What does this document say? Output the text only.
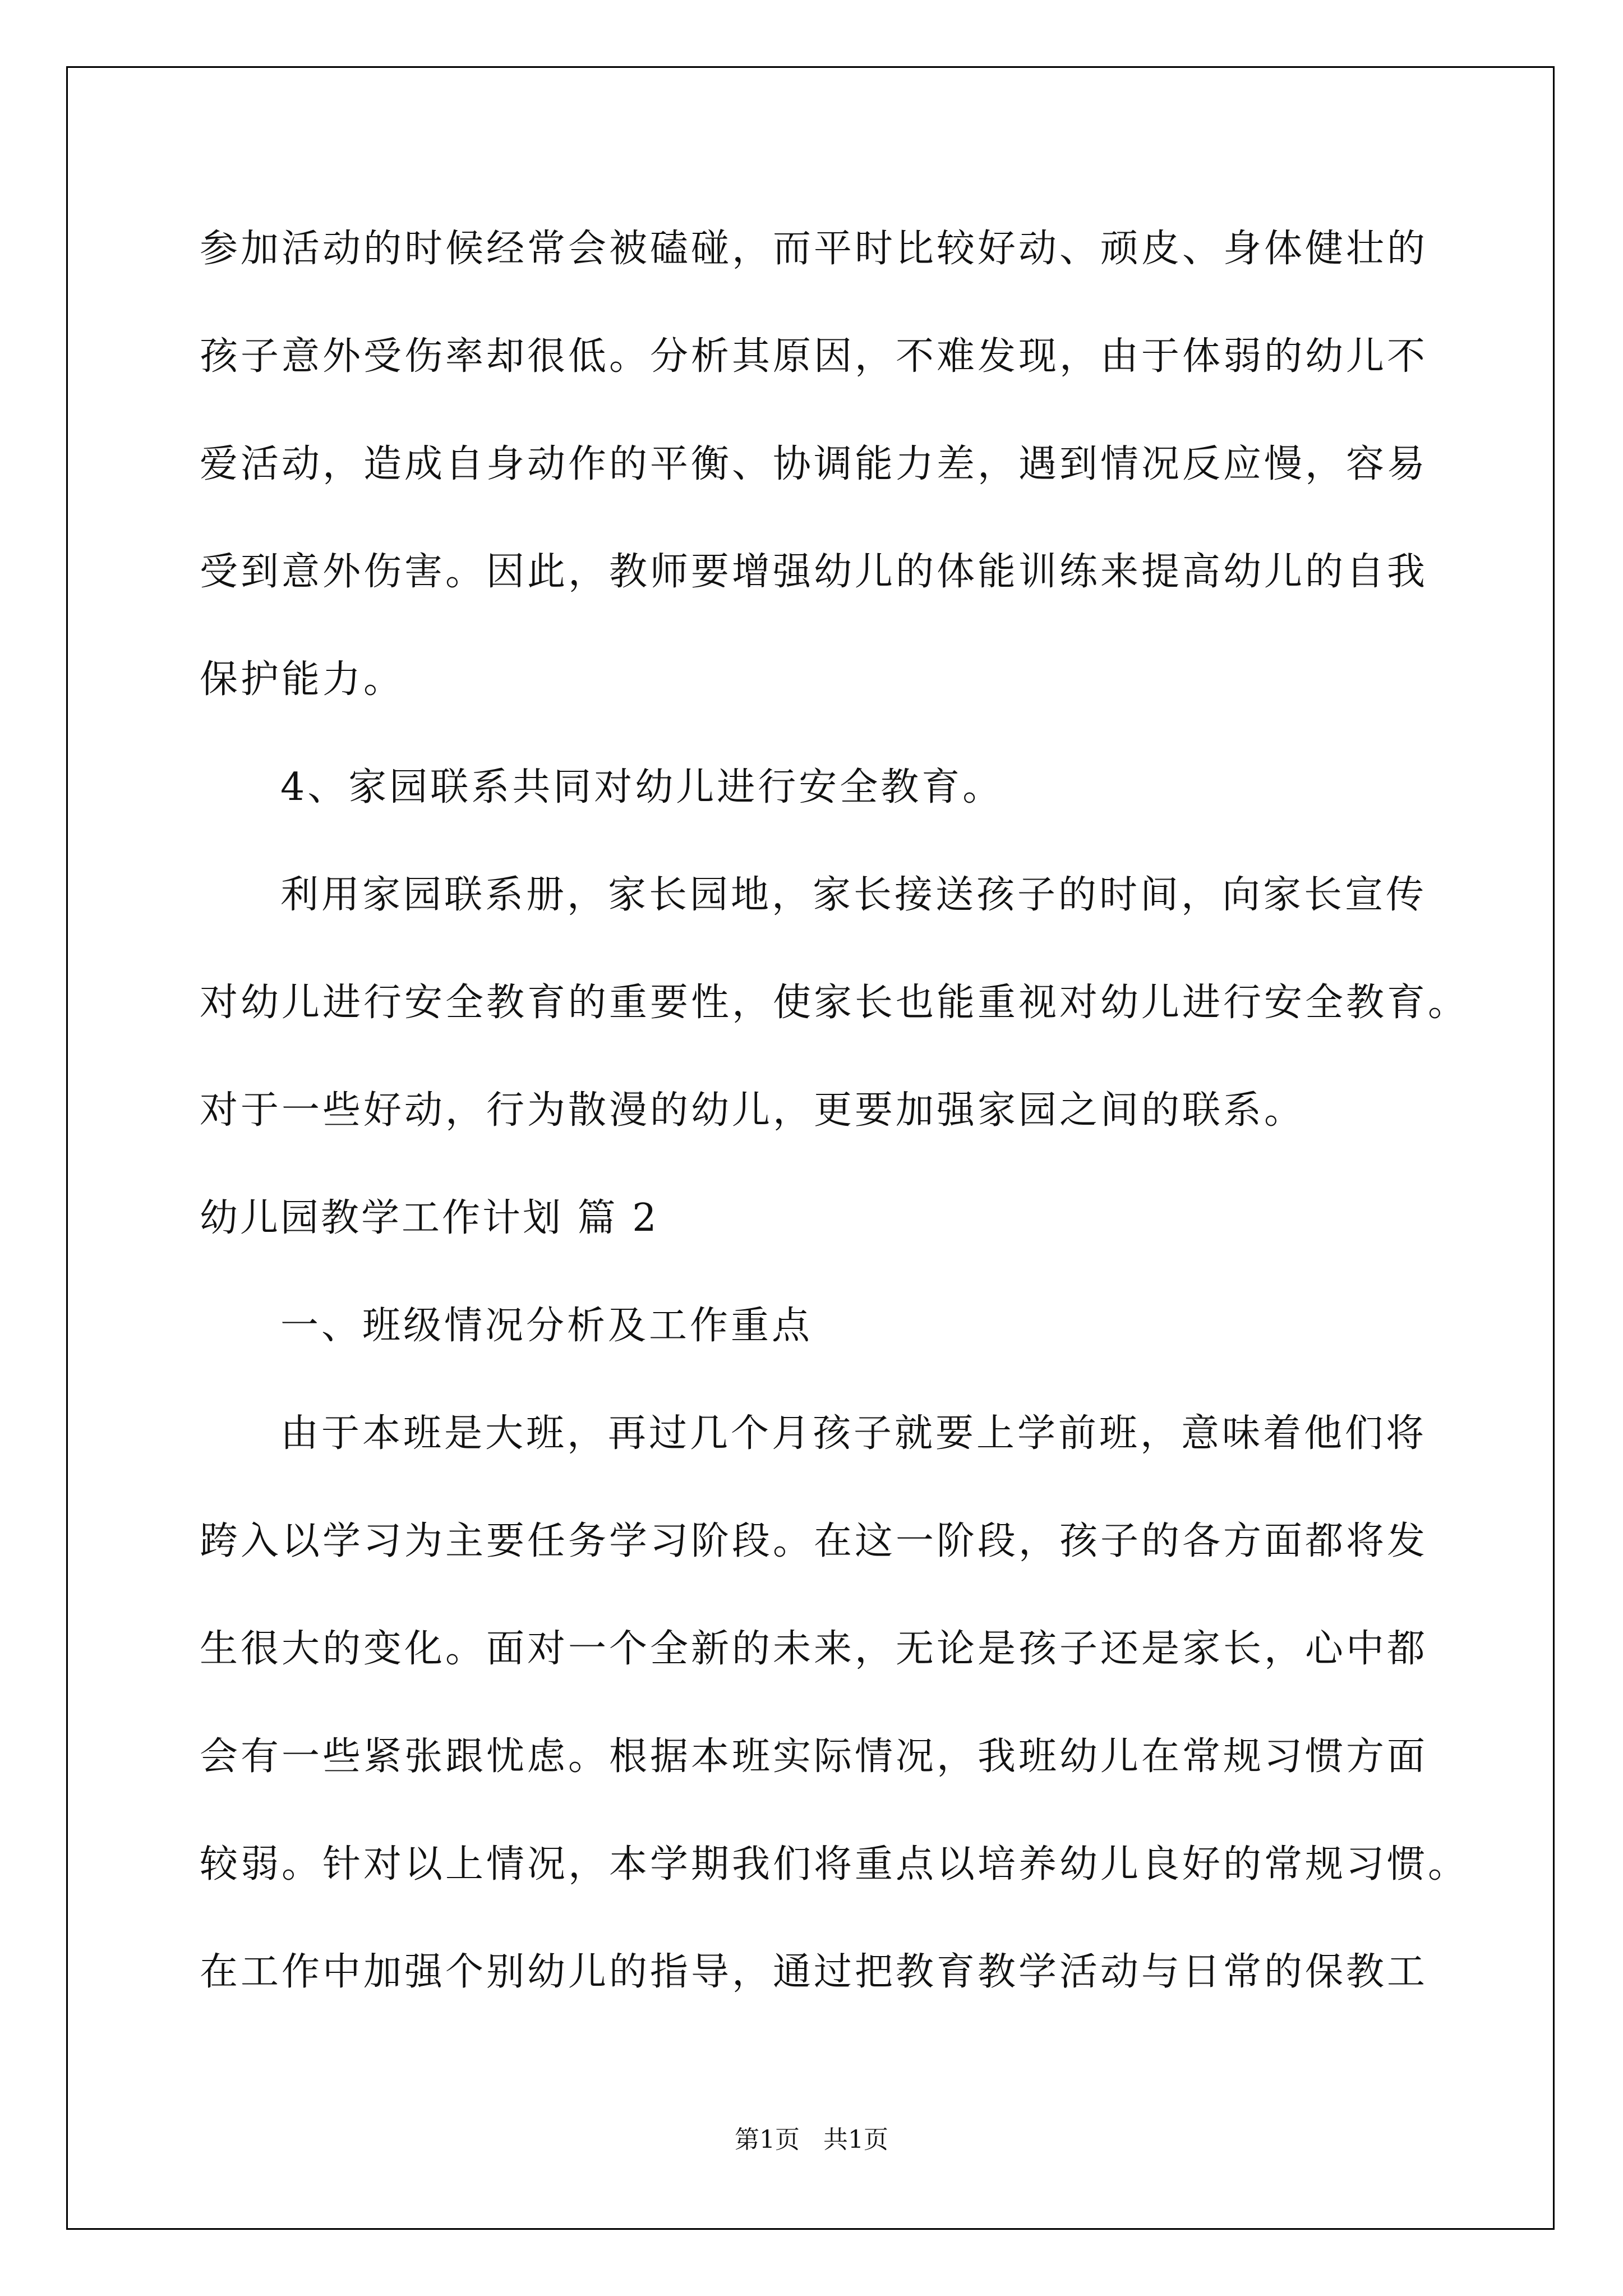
参加活动的时候经常会被磕碰，而平时比较好动、顽皮、身体健壮的
孩子意外受伤率却很低。分析其原因，不难发现，由于体弱的幼儿不
爱活动，造成自身动作的平衡、协调能力差，遇到情况反应慢，容易
受到意外伤害。因此，教师要增强幼儿的体能训练来提高幼儿的自我
保护能力。
4、家园联系共同对幼儿进行安全教育。
利用家园联系册，家长园地，家长接送孩子的时间，向家长宣传
对幼儿进行安全教育的重要性，使家长也能重视对幼儿进行安全教育。
对于一些好动，行为散漫的幼儿，更要加强家园之间的联系。
幼儿园教学工作计划 篇 2
一、班级情况分析及工作重点
由于本班是大班，再过几个月孩子就要上学前班，意味着他们将
跨入以学习为主要任务学习阶段。在这一阶段，孩子的各方面都将发
生很大的变化。面对一个全新的未来，无论是孩子还是家长，心中都
会有一些紧张跟忧虑。根据本班实际情况，我班幼儿在常规习惯方面
较弱。针对以上情况，本学期我们将重点以培养幼儿良好的常规习惯。
在工作中加强个别幼儿的指导，通过把教育教学活动与日常的保教工
第1页   共1页
